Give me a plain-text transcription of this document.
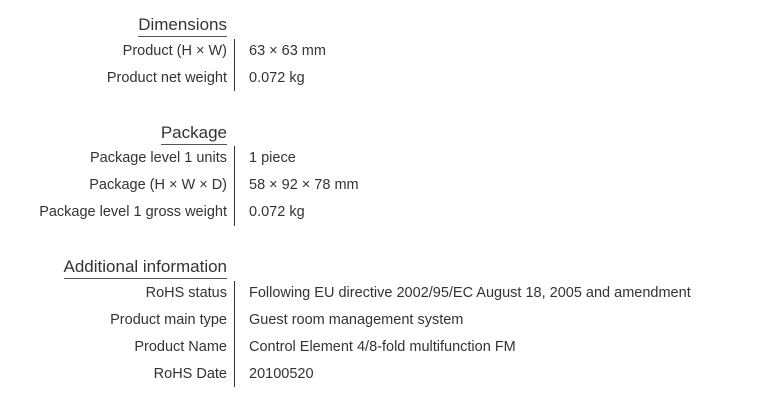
Dimensions
Product (H × W) 63 × 63 mm
Product net weight 0.072 kg
Package
Package level 1 units 1 piece
Package (H × W × D) 58 × 92 × 78 mm
Package level 1 gross weight 0.072 kg
Additional information
RoHS status Following EU directive 2002/95/EC August 18, 2005 and amendment
Product main type Guest room management system
Product Name Control Element 4/8-fold multifunction FM
RoHS Date 20100520
